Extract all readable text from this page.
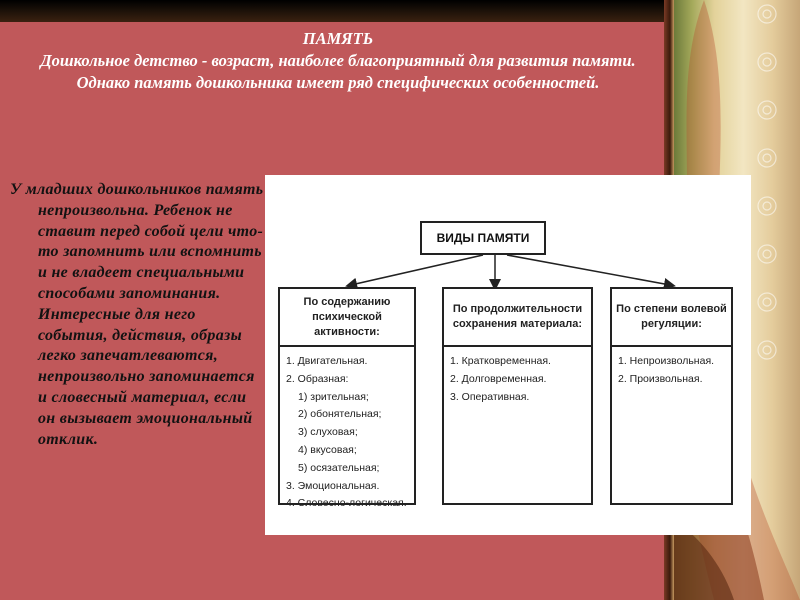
ПАМЯТЬ
Дошкольное детство - возраст, наиболее благоприятный для развития памяти. Однако память дошкольника имеет ряд специфических особенностей.
У младших дошкольников память непроизвольна. Ребенок не ставит перед собой цели что-то запомнить или вспомнить и не владеет специальными способами запоминания. Интересные для него события, действия, образы легко запечатлеваются, непроизвольно запоминается и словесный материал, если он вызывает эмоциональный отклик.
ВИДЫ ПАМЯТИ
По содержанию психической активности:
1. Двигательная.
2. Образная:
1) зрительная;
2) обонятельная;
3) слуховая;
4) вкусовая;
5) осязательная;
3. Эмоциональная.
4. Словесно-логическая.
По продолжительности сохранения материала:
1. Кратковременная.
2. Долговременная.
3. Оперативная.
По степени волевой регуляции:
1. Непроизвольная.
2. Произвольная.
